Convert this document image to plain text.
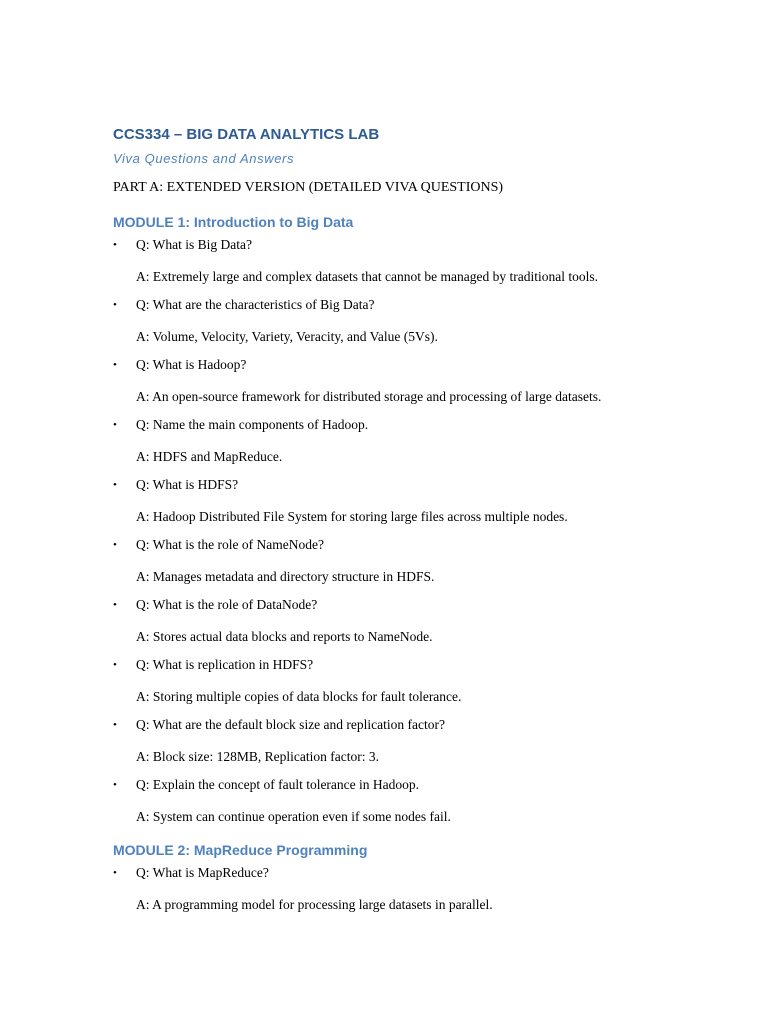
CCS334 – BIG DATA ANALYTICS LAB
Viva Questions and Answers
PART A: EXTENDED VERSION (DETAILED VIVA QUESTIONS)
MODULE 1: Introduction to Big Data
•	Q: What is Big Data?
A: Extremely large and complex datasets that cannot be managed by traditional tools.
•	Q: What are the characteristics of Big Data?
A: Volume, Velocity, Variety, Veracity, and Value (5Vs).
•	Q: What is Hadoop?
A: An open-source framework for distributed storage and processing of large datasets.
•	Q: Name the main components of Hadoop.
A: HDFS and MapReduce.
•	Q: What is HDFS?
A: Hadoop Distributed File System for storing large files across multiple nodes.
•	Q: What is the role of NameNode?
A: Manages metadata and directory structure in HDFS.
•	Q: What is the role of DataNode?
A: Stores actual data blocks and reports to NameNode.
•	Q: What is replication in HDFS?
A: Storing multiple copies of data blocks for fault tolerance.
•	Q: What are the default block size and replication factor?
A: Block size: 128MB, Replication factor: 3.
•	Q: Explain the concept of fault tolerance in Hadoop.
A: System can continue operation even if some nodes fail.
MODULE 2: MapReduce Programming
•	Q: What is MapReduce?
A: A programming model for processing large datasets in parallel.
